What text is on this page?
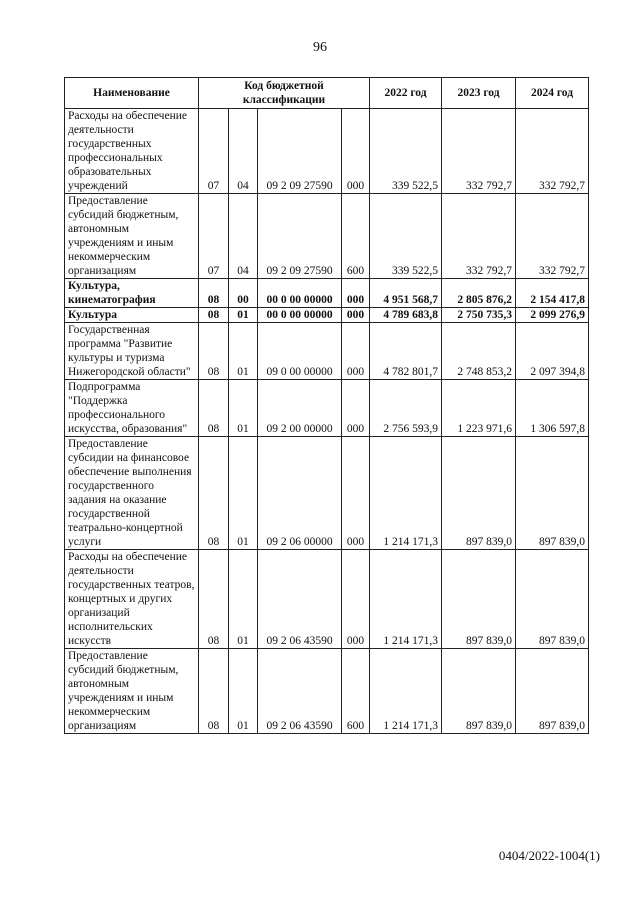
96
Наименование	Код бюджетной классификации				2022 год	2023 год	2024 год
Расходы на обеспечение деятельности государственных профессиональных образовательных учреждений	07	04	09 2 09 27590	000	339 522,5	332 792,7	332 792,7
Предоставление субсидий бюджетным, автономным учреждениям и иным некоммерческим организациям	07	04	09 2 09 27590	600	339 522,5	332 792,7	332 792,7
Культура, кинематография	08	00	00 0 00 00000	000	4 951 568,7	2 805 876,2	2 154 417,8
Культура	08	01	00 0 00 00000	000	4 789 683,8	2 750 735,3	2 099 276,9
Государственная программа "Развитие культуры и туризма Нижегородской области"	08	01	09 0 00 00000	000	4 782 801,7	2 748 853,2	2 097 394,8
Подпрограмма "Поддержка профессионального искусства, образования"	08	01	09 2 00 00000	000	2 756 593,9	1 223 971,6	1 306 597,8
Предоставление субсидии на финансовое обеспечение выполнения государственного задания на оказание государственной театрально-концертной услуги	08	01	09 2 06 00000	000	1 214 171,3	897 839,0	897 839,0
Расходы на обеспечение деятельности государственных театров, концертных и других организаций исполнительских искусств	08	01	09 2 06 43590	000	1 214 171,3	897 839,0	897 839,0
Предоставление субсидий бюджетным, автономным учреждениям и иным некоммерческим организациям	08	01	09 2 06 43590	600	1 214 171,3	897 839,0	897 839,0
0404/2022-1004(1)
